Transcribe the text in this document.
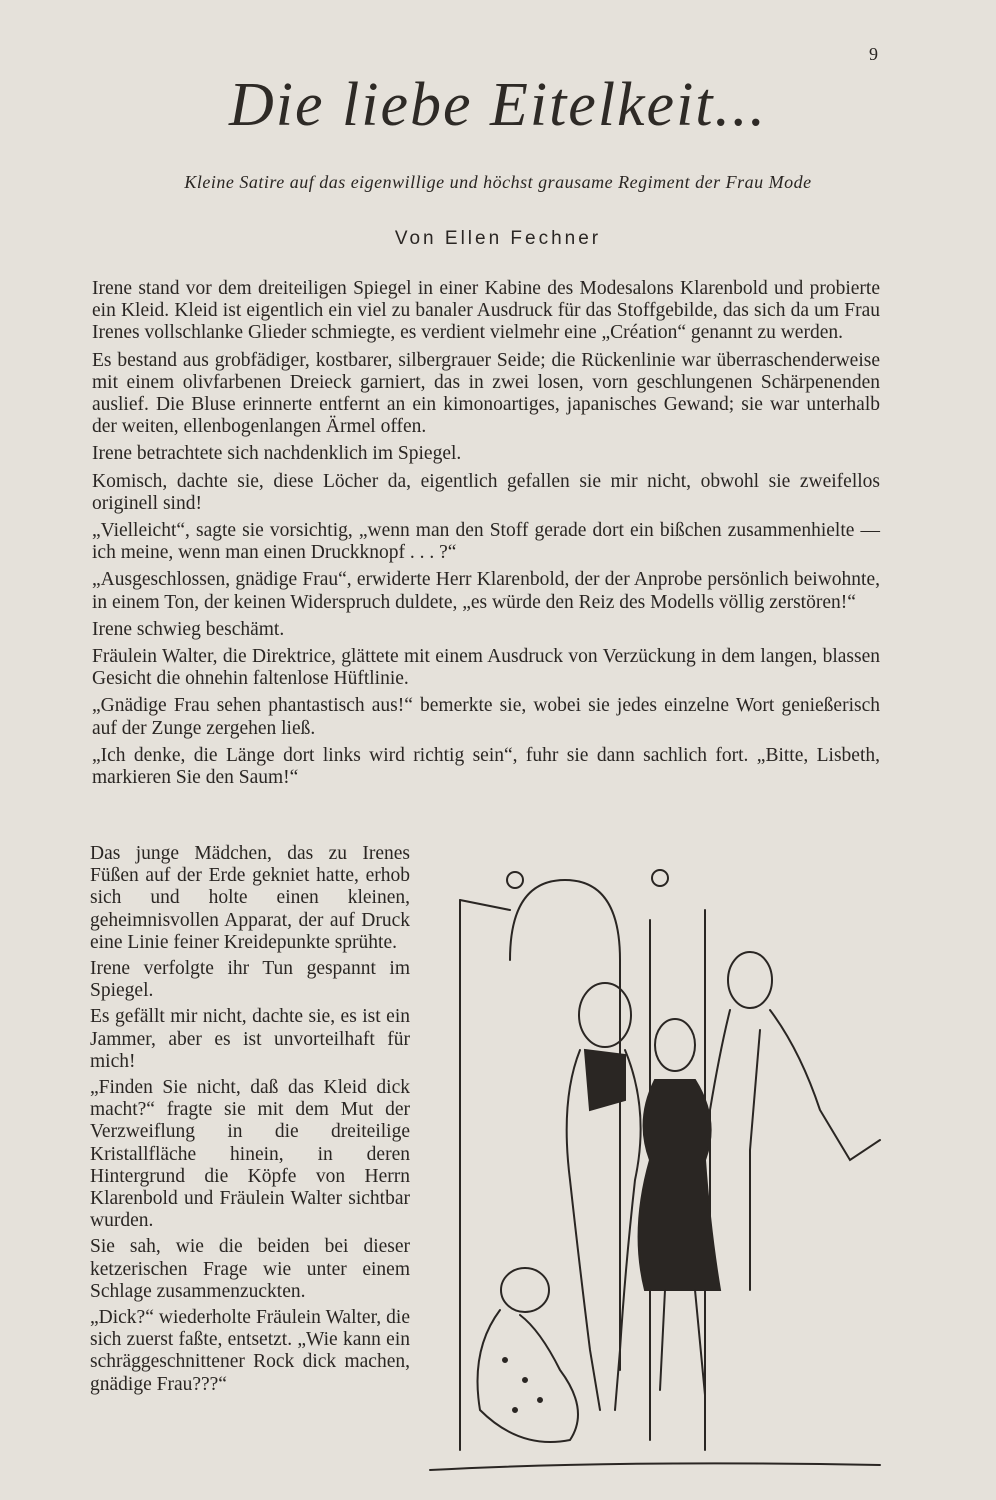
9
Die liebe Eitelkeit...
Kleine Satire auf das eigenwillige und höchst grausame Regiment der Frau Mode
Von Ellen Fechner

Irene stand vor dem dreiteiligen Spiegel in einer Kabine des Modesalons Klarenbold und probierte ein Kleid. Kleid ist eigentlich ein viel zu banaler Ausdruck für das Stoffgebilde, das sich da um Frau Irenes vollschlanke Glieder schmiegte, es verdient vielmehr eine „Création“ genannt zu werden.

Es bestand aus grobfädiger, kostbarer, silbergrauer Seide; die Rückenlinie war überraschenderweise mit einem olivfarbenen Dreieck garniert, das in zwei losen, vorn geschlungenen Schärpenenden auslief. Die Bluse erinnerte entfernt an ein kimonoartiges, japanisches Gewand; sie war unterhalb der weiten, ellenbogenlangen Ärmel offen.

Irene betrachtete sich nachdenklich im Spiegel.

Komisch, dachte sie, diese Löcher da, eigentlich gefallen sie mir nicht, obwohl sie zweifellos originell sind!

„Vielleicht“, sagte sie vorsichtig, „wenn man den Stoff gerade dort ein bißchen zusammenhielte — ich meine, wenn man einen Druckknopf . . . ?“

„Ausgeschlossen, gnädige Frau“, erwiderte Herr Klarenbold, der der Anprobe persönlich beiwohnte, in einem Ton, der keinen Widerspruch duldete, „es würde den Reiz des Modells völlig zerstören!“

Irene schwieg beschämt.

Fräulein Walter, die Direktrice, glättete mit einem Ausdruck von Verzückung in dem langen, blassen Gesicht die ohnehin faltenlose Hüftlinie.

„Gnädige Frau sehen phantastisch aus!“ bemerkte sie, wobei sie jedes einzelne Wort genießerisch auf der Zunge zergehen ließ.

„Ich denke, die Länge dort links wird richtig sein“, fuhr sie dann sachlich fort. „Bitte, Lisbeth, markieren Sie den Saum!“

Das junge Mädchen, das zu Irenes Füßen auf der Erde gekniet hatte, erhob sich und holte einen kleinen, geheimnisvollen Apparat, der auf Druck eine Linie feiner Kreidepunkte sprühte.

Irene verfolgte ihr Tun gespannt im Spiegel.

Es gefällt mir nicht, dachte sie, es ist ein Jammer, aber es ist unvorteilhaft für mich!

„Finden Sie nicht, daß das Kleid dick macht?“ fragte sie mit dem Mut der Verzweiflung in die dreiteilige Kristallfläche hinein, in deren Hintergrund die Köpfe von Herrn Klarenbold und Fräulein Walter sichtbar wurden.

Sie sah, wie die beiden bei dieser ketzerischen Frage wie unter einem Schlage zusammenzuckten.

„Dick?“ wiederholte Fräulein Walter, die sich zuerst faßte, entsetzt. „Wie kann ein schräggeschnittener Rock dick machen, gnädige Frau???“
